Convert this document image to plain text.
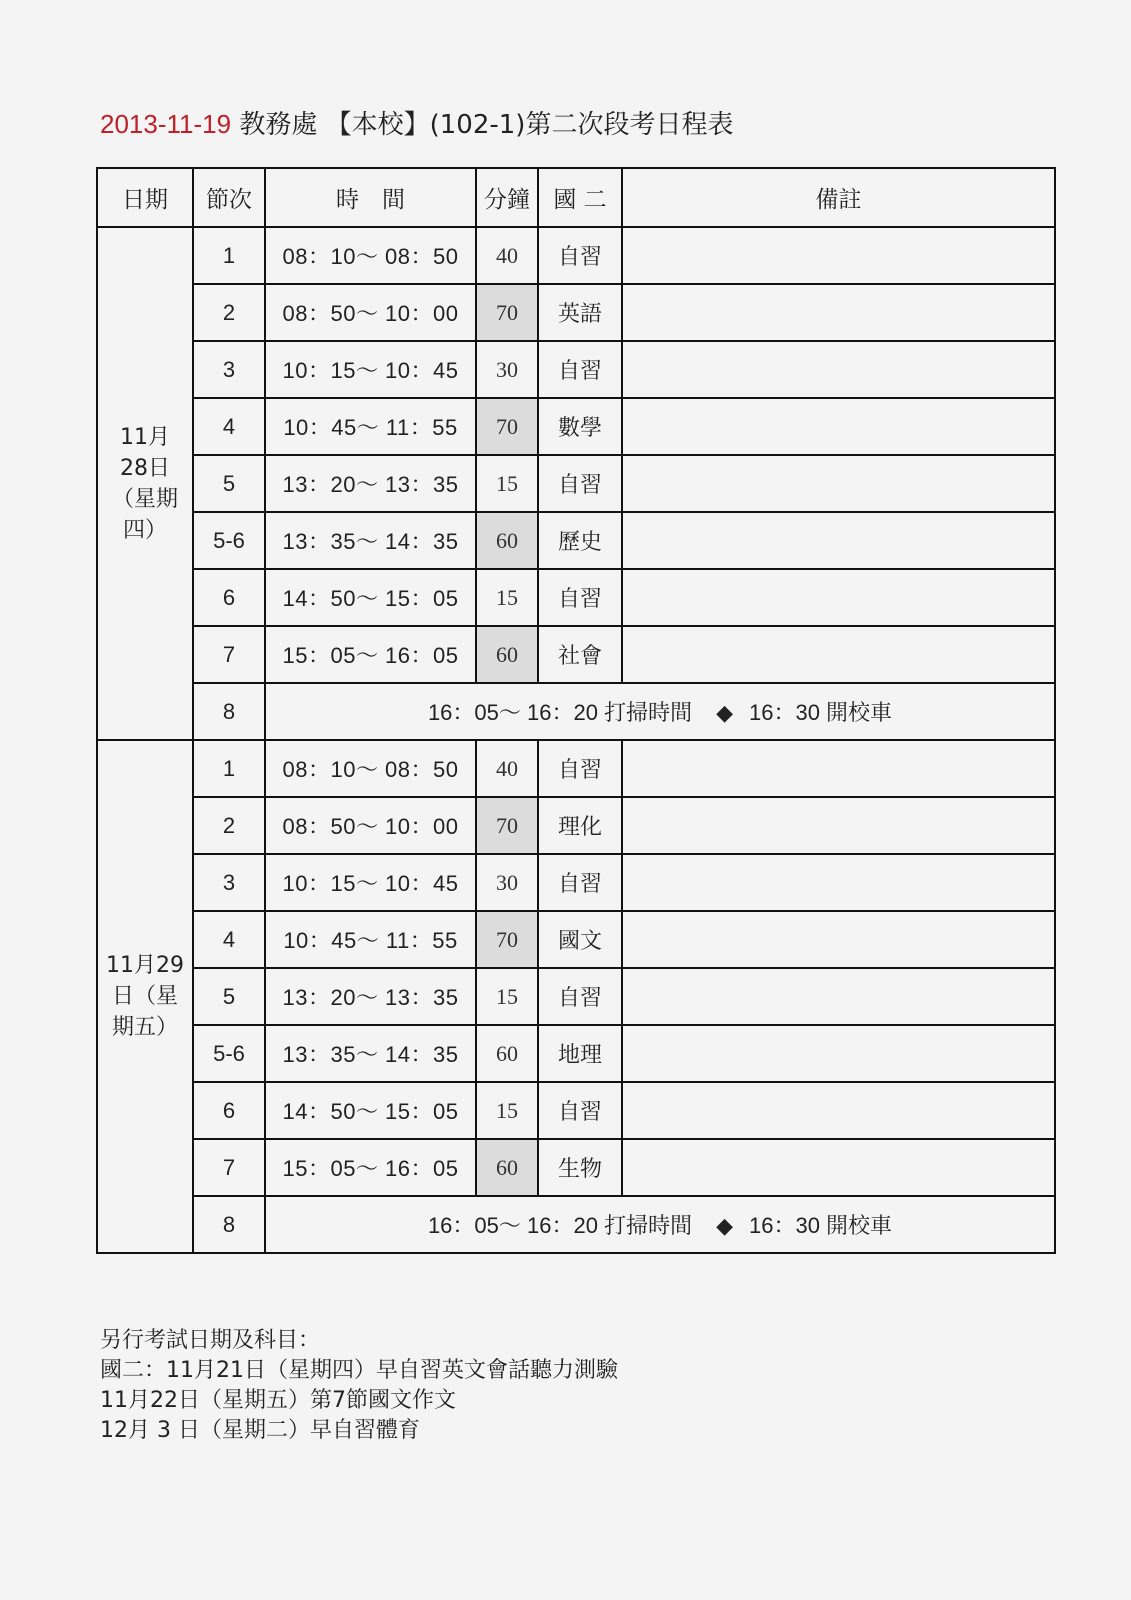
2013-11-19 教務處 【本校】(102-1)第二次段考日程表
日期	節次	時　間	分鐘	國 二	備註
11月 28日（星期四）	1	08：10～ 08：50	40	自習	
	2	08：50～ 10：00	70	英語	
	3	10：15～ 10：45	30	自習	
	4	10：45～ 11：55	70	數學	
	5	13：20～ 13：35	15	自習	
	5-6	13：35～ 14：35	60	歷史	
	6	14：50～ 15：05	15	自習	
	7	15：05～ 16：05	60	社會	
	8	16：05～ 16：20 打掃時間 ◆ 16：30 開校車			
11月29日（星期五）	1	08：10～ 08：50	40	自習	
	2	08：50～ 10：00	70	理化	
	3	10：15～ 10：45	30	自習	
	4	10：45～ 11：55	70	國文	
	5	13：20～ 13：35	15	自習	
	5-6	13：35～ 14：35	60	地理	
	6	14：50～ 15：05	15	自習	
	7	15：05～ 16：05	60	生物	
	8	16：05～ 16：20 打掃時間 ◆ 16：30 開校車			
另行考試日期及科目：
國二：11月21日（星期四）早自習英文會話聽力測驗
11月22日（星期五）第7節國文作文
12月 3 日（星期二）早自習體育
